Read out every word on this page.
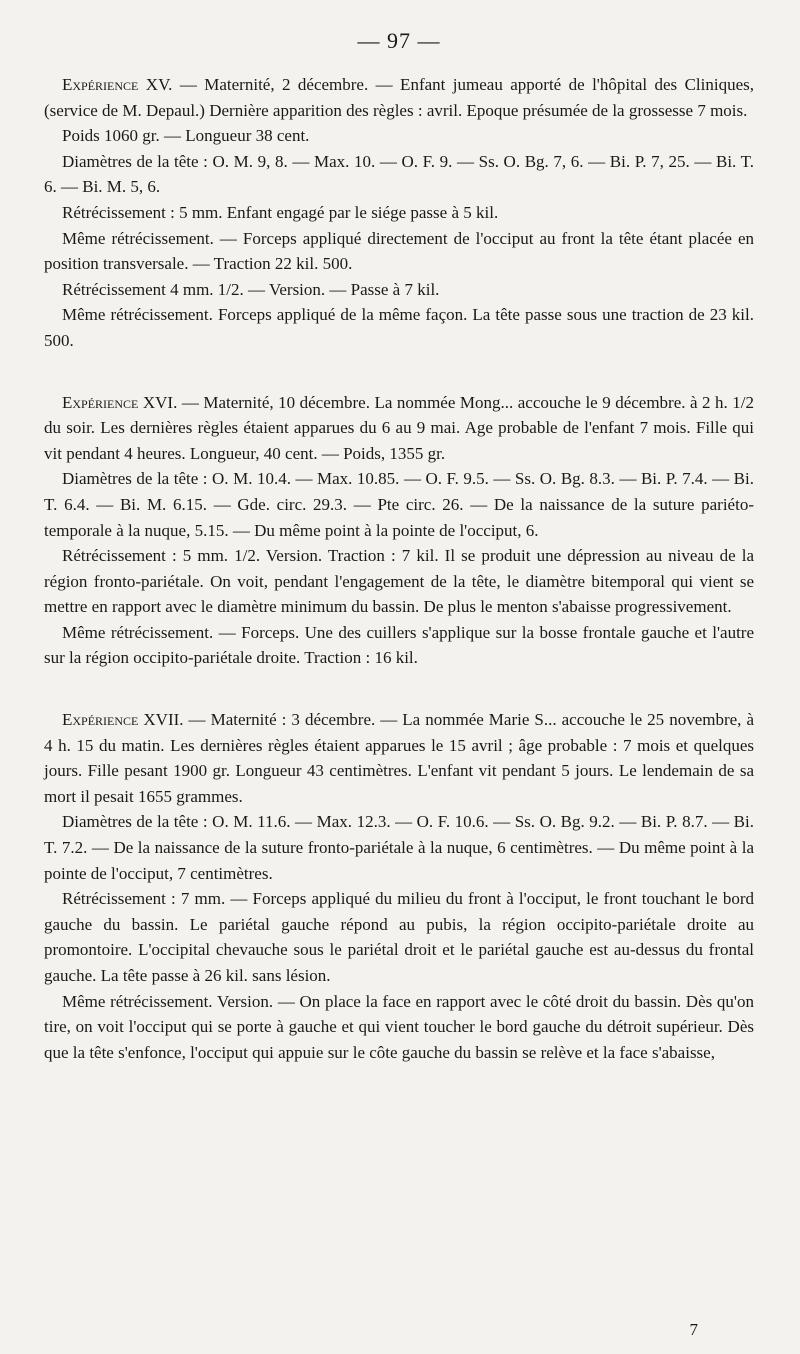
— 97 —

Expérience XV. — Maternité, 2 décembre. — Enfant jumeau apporté de l'hôpital des Cliniques, (service de M. Depaul.) Dernière apparition des règles : avril. Epoque présumée de la grossesse 7 mois.

Poids 1060 gr. — Longueur 38 cent.

Diamètres de la tête : O. M. 9, 8. — Max. 10. — O. F. 9. — Ss. O. Bg. 7, 6. — Bi. P. 7, 25. — Bi. T. 6. — Bi. M. 5, 6.

Rétrécissement : 5 mm. Enfant engagé par le siége passe à 5 kil.

Même rétrécissement. — Forceps appliqué directement de l'occiput au front la tête étant placée en position transversale. — Traction 22 kil. 500.

Rétrécissement 4 mm. 1/2. — Version. — Passe à 7 kil.

Même rétrécissement. Forceps appliqué de la même façon. La tête passe sous une traction de 23 kil. 500.

Expérience XVI. — Maternité, 10 décembre. La nommée Mong... accouche le 9 décembre. à 2 h. 1/2 du soir. Les dernières règles étaient apparues du 6 au 9 mai. Age probable de l'enfant 7 mois. Fille qui vit pendant 4 heures. Longueur, 40 cent. — Poids, 1355 gr.

Diamètres de la tête : O. M. 10.4. — Max. 10.85. — O. F. 9.5. — Ss. O. Bg. 8.3. — Bi. P. 7.4. — Bi. T. 6.4. — Bi. M. 6.15. — Gde. circ. 29.3. — Pte circ. 26. — De la naissance de la suture pariéto-temporale à la nuque, 5.15. — Du même point à la pointe de l'occiput, 6.

Rétrécissement : 5 mm. 1/2. Version. Traction : 7 kil. Il se produit une dépression au niveau de la région fronto-pariétale. On voit, pendant l'engagement de la tête, le diamètre bitemporal qui vient se mettre en rapport avec le diamètre minimum du bassin. De plus le menton s'abaisse progressivement.

Même rétrécissement. — Forceps. Une des cuillers s'applique sur la bosse frontale gauche et l'autre sur la région occipito-pariétale droite. Traction : 16 kil.

Expérience XVII. — Maternité : 3 décembre. — La nommée Marie S... accouche le 25 novembre, à 4 h. 15 du matin. Les dernières règles étaient apparues le 15 avril ; âge probable : 7 mois et quelques jours. Fille pesant 1900 gr. Longueur 43 centimètres. L'enfant vit pendant 5 jours. Le lendemain de sa mort il pesait 1655 grammes.

Diamètres de la tête : O. M. 11.6. — Max. 12.3. — O. F. 10.6. — Ss. O. Bg. 9.2. — Bi. P. 8.7. — Bi. T. 7.2. — De la naissance de la suture fronto-pariétale à la nuque, 6 centimètres. — Du même point à la pointe de l'occiput, 7 centimètres.

Rétrécissement : 7 mm. — Forceps appliqué du milieu du front à l'occiput, le front touchant le bord gauche du bassin. Le pariétal gauche répond au pubis, la région occipito-pariétale droite au promontoire. L'occipital chevauche sous le pariétal droit et le pariétal gauche est au-dessus du frontal gauche. La tête passe à 26 kil. sans lésion.

Même rétrécissement. Version. — On place la face en rapport avec le côté droit du bassin. Dès qu'on tire, on voit l'occiput qui se porte à gauche et qui vient toucher le bord gauche du détroit supérieur. Dès que la tête s'enfonce, l'occiput qui appuie sur le côte gauche du bassin se relève et la face s'abaisse,

7
